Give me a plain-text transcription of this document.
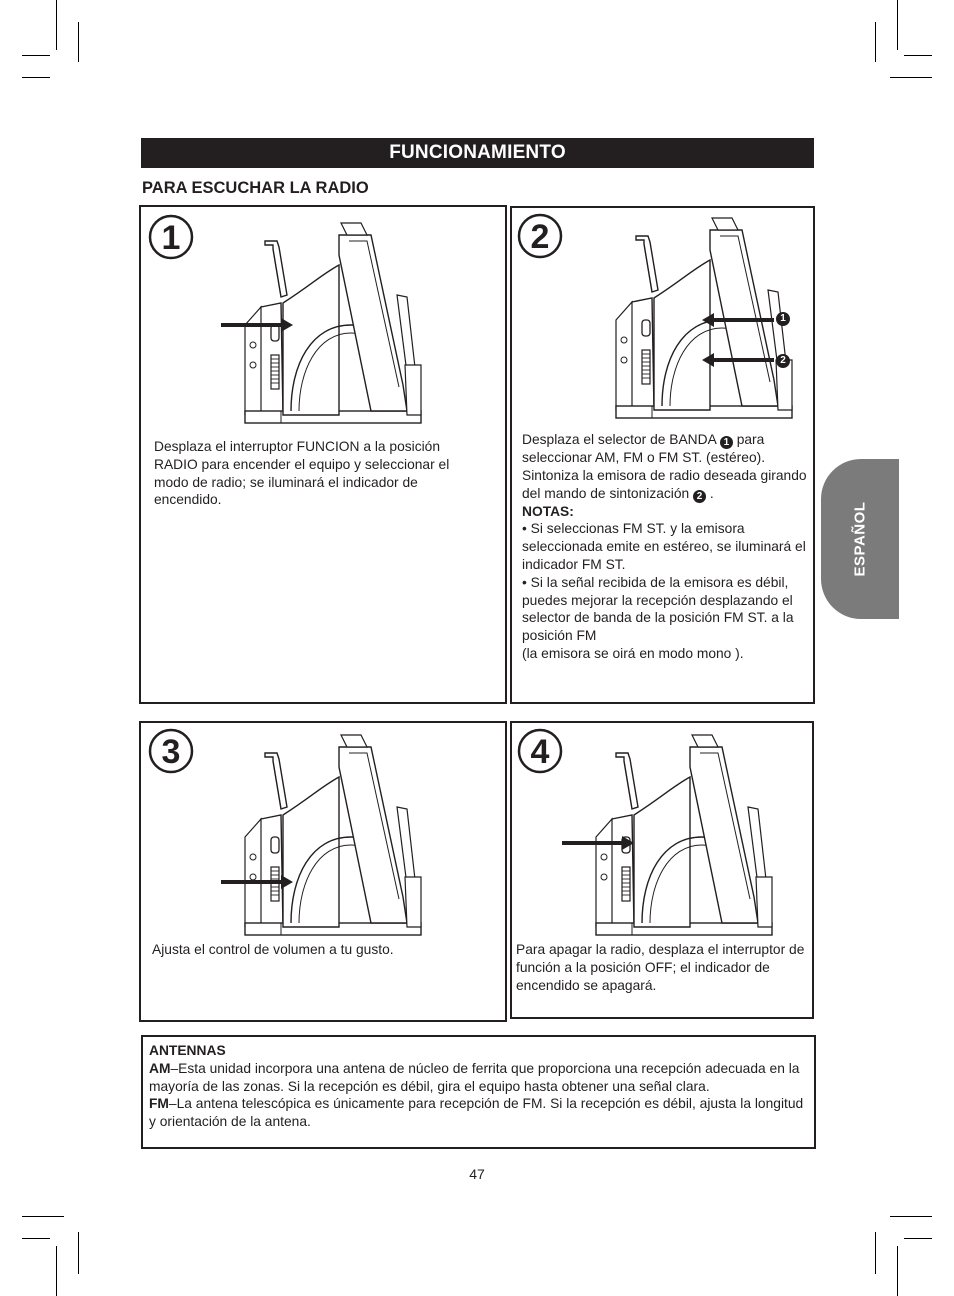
FUNCIONAMIENTO
PARA ESCUCHAR LA RADIO
1
Desplaza el interruptor FUNCION a la posición RADIO para encender el equipo y seleccionar el modo de radio; se iluminará el indicador de encendido.
2
1
2
Desplaza el selector de BANDA 1 para seleccionar AM, FM o FM ST. (estéreo). Sintoniza la emisora de radio deseada girando del mando de sintonización 2 .
NOTAS:
• Si seleccionas FM ST. y la emisora seleccionada emite en estéreo, se iluminará el indicador FM ST.
• Si la señal recibida de la emisora es débil, puedes mejorar la recepción desplazando el selector de banda de la posición FM ST. a la posición FM
(la emisora se oirá en modo mono ).
3
Ajusta el control de volumen a tu gusto.
4
Para apagar la radio, desplaza el interruptor de función a la posición OFF; el indicador de encendido se apagará.
ANTENNAS
AM–Esta unidad incorpora una antena de núcleo de ferrita que proporciona una recepción adecuada en la mayoría de las zonas. Si la recepción es débil, gira el equipo hasta obtener una señal clara.
FM–La antena telescópica es únicamente para recepción de FM. Si la recepción es débil, ajusta la longitud y orientación de la antena.
47
ESPAÑOL
